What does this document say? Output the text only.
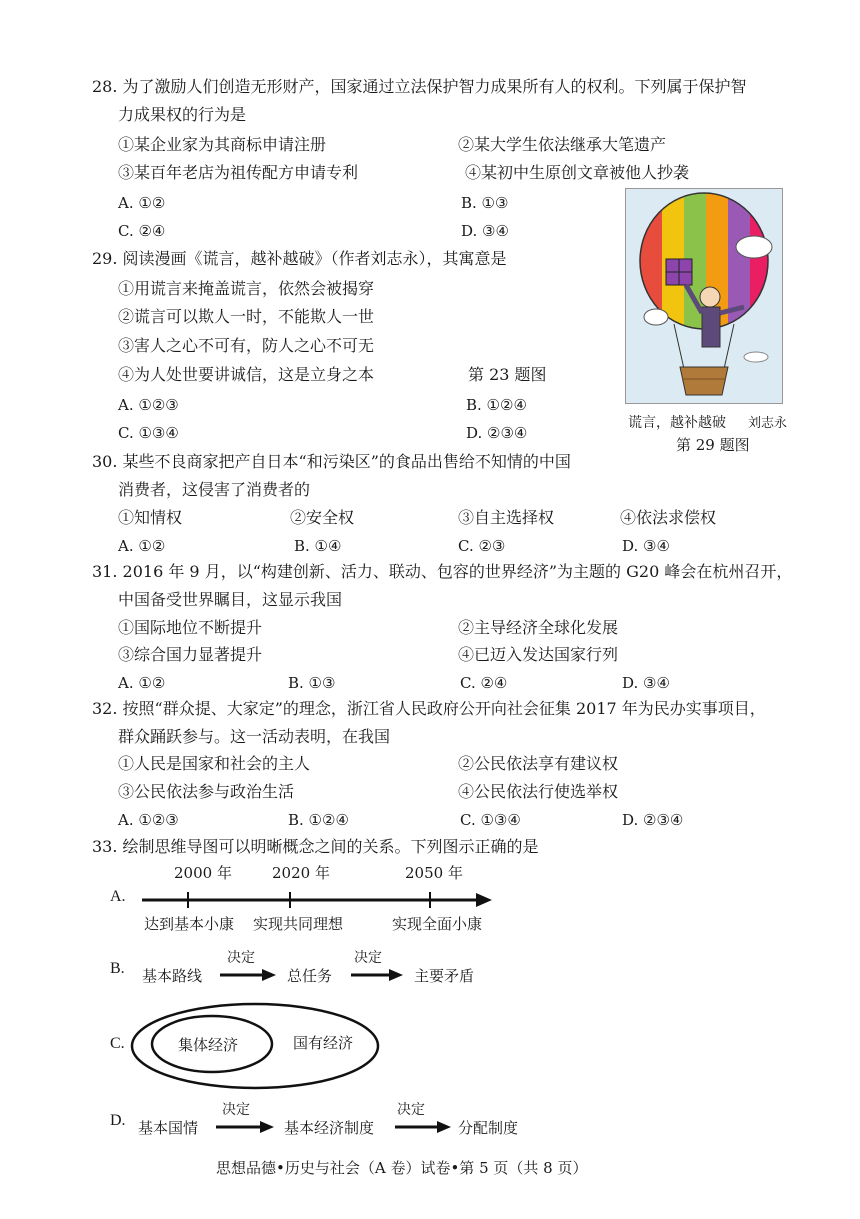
28. 为了激励人们创造无形财产，国家通过立法保护智力成果所有人的权利。下列属于保护智
力成果权的行为是
①某企业家为其商标申请注册	②某大学生依法继承大笔遗产
③某百年老店为祖传配方申请专利	④某初中生原创文章被他人抄袭
A. ①②	B. ①③
C. ②④	D. ③④
谎言，越补越破 刘志永
第 29 题图
29. 阅读漫画《谎言，越补越破》（作者刘志永），其寓意是
①用谎言来掩盖谎言，依然会被揭穿
②谎言可以欺人一时，不能欺人一世
③害人之心不可有，防人之心不可无
④为人处世要讲诚信，这是立身之本	第 23 题图
A. ①②③	B. ①②④
C. ①③④	D. ②③④
30. 某些不良商家把产自日本“和污染区”的食品出售给不知情的中国
消费者，这侵害了消费者的
①知情权	②安全权	③自主选择权	④依法求偿权
A. ①②	B. ①④	C. ②③	D. ③④
31. 2016 年 9 月，以“构建创新、活力、联动、包容的世界经济”为主题的 G20 峰会在杭州召开，
中国备受世界瞩目，这显示我国
①国际地位不断提升	②主导经济全球化发展
③综合国力显著提升	④已迈入发达国家行列
A. ①②	B. ①③	C. ②④	D. ③④
32. 按照“群众提、大家定”的理念，浙江省人民政府公开向社会征集 2017 年为民办实事项目，
群众踊跃参与。这一活动表明，在我国
①人民是国家和社会的主人	②公民依法享有建议权
③公民依法参与政治生活	④公民依法行使选举权
A. ①②③	B. ①②④	C. ①③④	D. ②③④
33. 绘制思维导图可以明晰概念之间的关系。下列图示正确的是
A.
2000 年	2020 年	2050 年
达到基本小康 实现共同理想	实现全面小康
B. 基本路线
决定
总任务
决定
主要矛盾
C.	集体经济	国有经济
D. 基本国情
决定
基本经济制度
决定
分配制度
思想品德•历史与社会（A 卷）试卷•第 5 页（共 8 页）
